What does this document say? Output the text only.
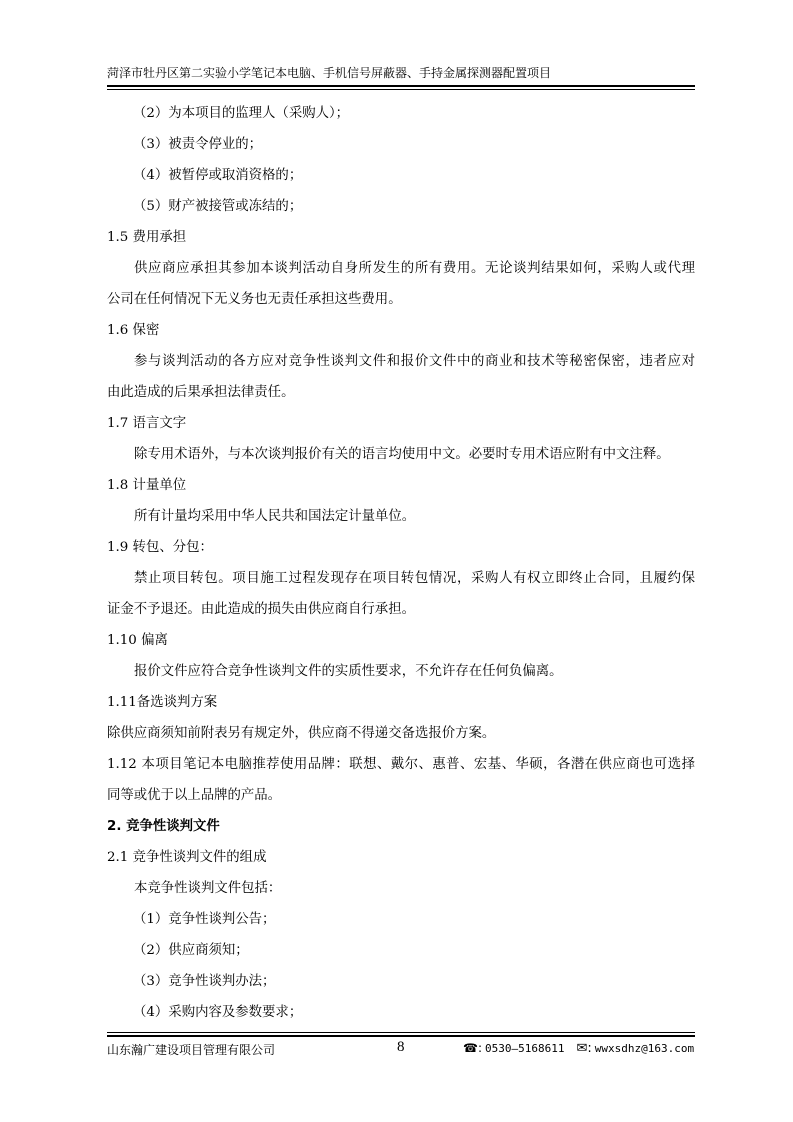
菏泽市牡丹区第二实验小学笔记本电脑、手机信号屏蔽器、手持金属探测器配置项目
（2）为本项目的监理人（采购人）；
（3）被责令停业的；
（4）被暂停或取消资格的；
（5）财产被接管或冻结的；
1.5 费用承担
供应商应承担其参加本谈判活动自身所发生的所有费用。无论谈判结果如何，采购人或代理
公司在任何情况下无义务也无责任承担这些费用。
1.6 保密
参与谈判活动的各方应对竞争性谈判文件和报价文件中的商业和技术等秘密保密，违者应对
由此造成的后果承担法律责任。
1.7 语言文字
除专用术语外，与本次谈判报价有关的语言均使用中文。必要时专用术语应附有中文注释。
1.8 计量单位
所有计量均采用中华人民共和国法定计量单位。
1.9 转包、分包：
禁止项目转包。项目施工过程发现存在项目转包情况，采购人有权立即终止合同，且履约保
证金不予退还。由此造成的损失由供应商自行承担。
1.10 偏离
报价文件应符合竞争性谈判文件的实质性要求，不允许存在任何负偏离。
1.11备选谈判方案
除供应商须知前附表另有规定外，供应商不得递交备选报价方案。
1.12 本项目笔记本电脑推荐使用品牌：联想、戴尔、惠普、宏基、华硕，各潜在供应商也可选择
同等或优于以上品牌的产品。
2. 竞争性谈判文件
2.1 竞争性谈判文件的组成
本竞争性谈判文件包括：
（1）竞争性谈判公告；
（2）供应商须知；
（3）竞争性谈判办法；
（4）采购内容及参数要求；
山东瀚广建设项目管理有限公司	8	☎: 0530—5168611 ✉: wwxsdhz@163.com
